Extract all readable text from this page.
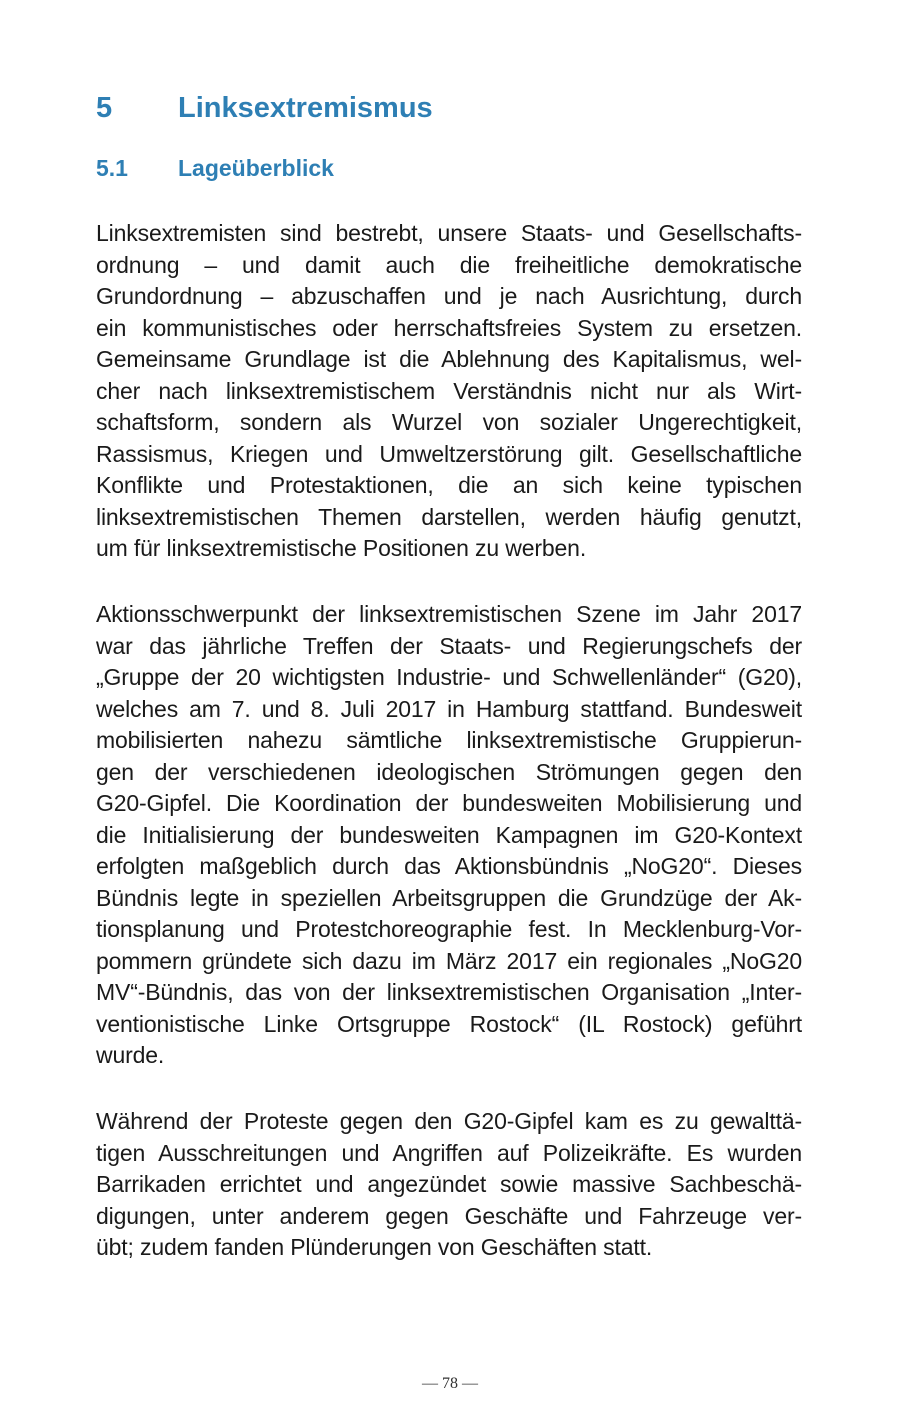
5	Linksextremismus
5.1	Lageüberblick
Linksextremisten sind bestrebt, unsere Staats- und Gesellschafts-
ordnung – und damit auch die freiheitliche demokratische
Grundordnung – abzuschaffen und je nach Ausrichtung, durch
ein kommunistisches oder herrschaftsfreies System zu ersetzen.
Gemeinsame Grundlage ist die Ablehnung des Kapitalismus, wel-
cher nach linksextremistischem Verständnis nicht nur als Wirt-
schaftsform, sondern als Wurzel von sozialer Ungerechtigkeit,
Rassismus, Kriegen und Umweltzerstörung gilt. Gesellschaftliche
Konflikte und Protestaktionen, die an sich keine typischen
linksextremistischen Themen darstellen, werden häufig genutzt,
um für linksextremistische Positionen zu werben.
Aktionsschwerpunkt der linksextremistischen Szene im Jahr 2017
war das jährliche Treffen der Staats- und Regierungschefs der
„Gruppe der 20 wichtigsten Industrie- und Schwellenländer“ (G20),
welches am 7. und 8. Juli 2017 in Hamburg stattfand. Bundesweit
mobilisierten nahezu sämtliche linksextremistische Gruppierun-
gen der verschiedenen ideologischen Strömungen gegen den
G20-Gipfel. Die Koordination der bundesweiten Mobilisierung und
die Initialisierung der bundesweiten Kampagnen im G20-Kontext
erfolgten maßgeblich durch das Aktionsbündnis „NoG20“. Dieses
Bündnis legte in speziellen Arbeitsgruppen die Grundzüge der Ak-
tionsplanung und Protestchoreographie fest. In Mecklenburg-Vor-
pommern gründete sich dazu im März 2017 ein regionales „NoG20
MV“-Bündnis, das von der linksextremistischen Organisation „Inter-
ventionistische Linke Ortsgruppe Rostock“ (IL Rostock) geführt
wurde.
Während der Proteste gegen den G20-Gipfel kam es zu gewalttä-
tigen Ausschreitungen und Angriffen auf Polizeikräfte. Es wurden
Barrikaden errichtet und angezündet sowie massive Sachbeschä-
digungen, unter anderem gegen Geschäfte und Fahrzeuge ver-
übt; zudem fanden Plünderungen von Geschäften statt.
— 78 —
